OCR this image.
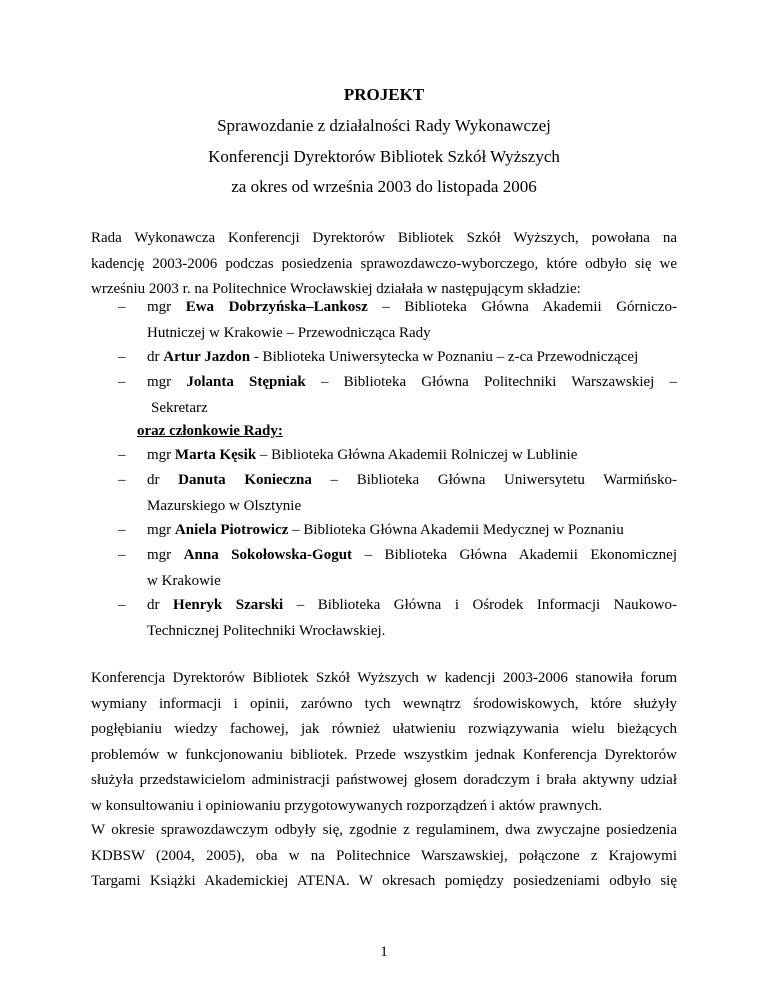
PROJEKT
Sprawozdanie z działalności Rady Wykonawczej
Konferencji Dyrektorów Bibliotek Szkół Wyższych
za okres od września 2003 do listopada 2006
Rada Wykonawcza Konferencji Dyrektorów Bibliotek Szkół Wyższych, powołana na
kadencję 2003-2006 podczas posiedzenia sprawozdawczo-wyborczego, które odbyło się we
wrześniu 2003 r. na Politechnice Wrocławskiej działała w następującym składzie:
– mgr Ewa Dobrzyńska–Lankosz – Biblioteka Główna Akademii Górniczo-
Hutniczej w Krakowie – Przewodnicząca Rady
– dr Artur Jazdon - Biblioteka Uniwersytecka w Poznaniu – z-ca Przewodniczącej
– mgr Jolanta Stępniak – Biblioteka Główna Politechniki Warszawskiej –
Sekretarz
oraz członkowie Rady:
– mgr Marta Kęsik – Biblioteka Główna Akademii Rolniczej w Lublinie
– dr Danuta Konieczna – Biblioteka Główna Uniwersytetu Warmińsko-
Mazurskiego w Olsztynie
– mgr Aniela Piotrowicz – Biblioteka Główna Akademii Medycznej w Poznaniu
– mgr Anna Sokołowska-Gogut – Biblioteka Główna Akademii Ekonomicznej
w Krakowie
– dr Henryk Szarski – Biblioteka Główna i Ośrodek Informacji Naukowo-
Technicznej Politechniki Wrocławskiej.
Konferencja Dyrektorów Bibliotek Szkół Wyższych w kadencji 2003-2006 stanowiła forum
wymiany informacji i opinii, zarówno tych wewnątrz środowiskowych, które służyły
pogłębianiu wiedzy fachowej, jak również ułatwieniu rozwiązywania wielu bieżących
problemów w funkcjonowaniu bibliotek. Przede wszystkim jednak Konferencja Dyrektorów
służyła przedstawicielom administracji państwowej głosem doradczym i brała aktywny udział
w konsultowaniu i opiniowaniu przygotowywanych rozporządzeń i aktów prawnych.
W okresie sprawozdawczym odbyły się, zgodnie z regulaminem, dwa zwyczajne posiedzenia
KDBSW (2004, 2005), oba w na Politechnice Warszawskiej, połączone z Krajowymi
Targami Książki Akademickiej ATENA. W okresach pomiędzy posiedzeniami odbyło się
1
